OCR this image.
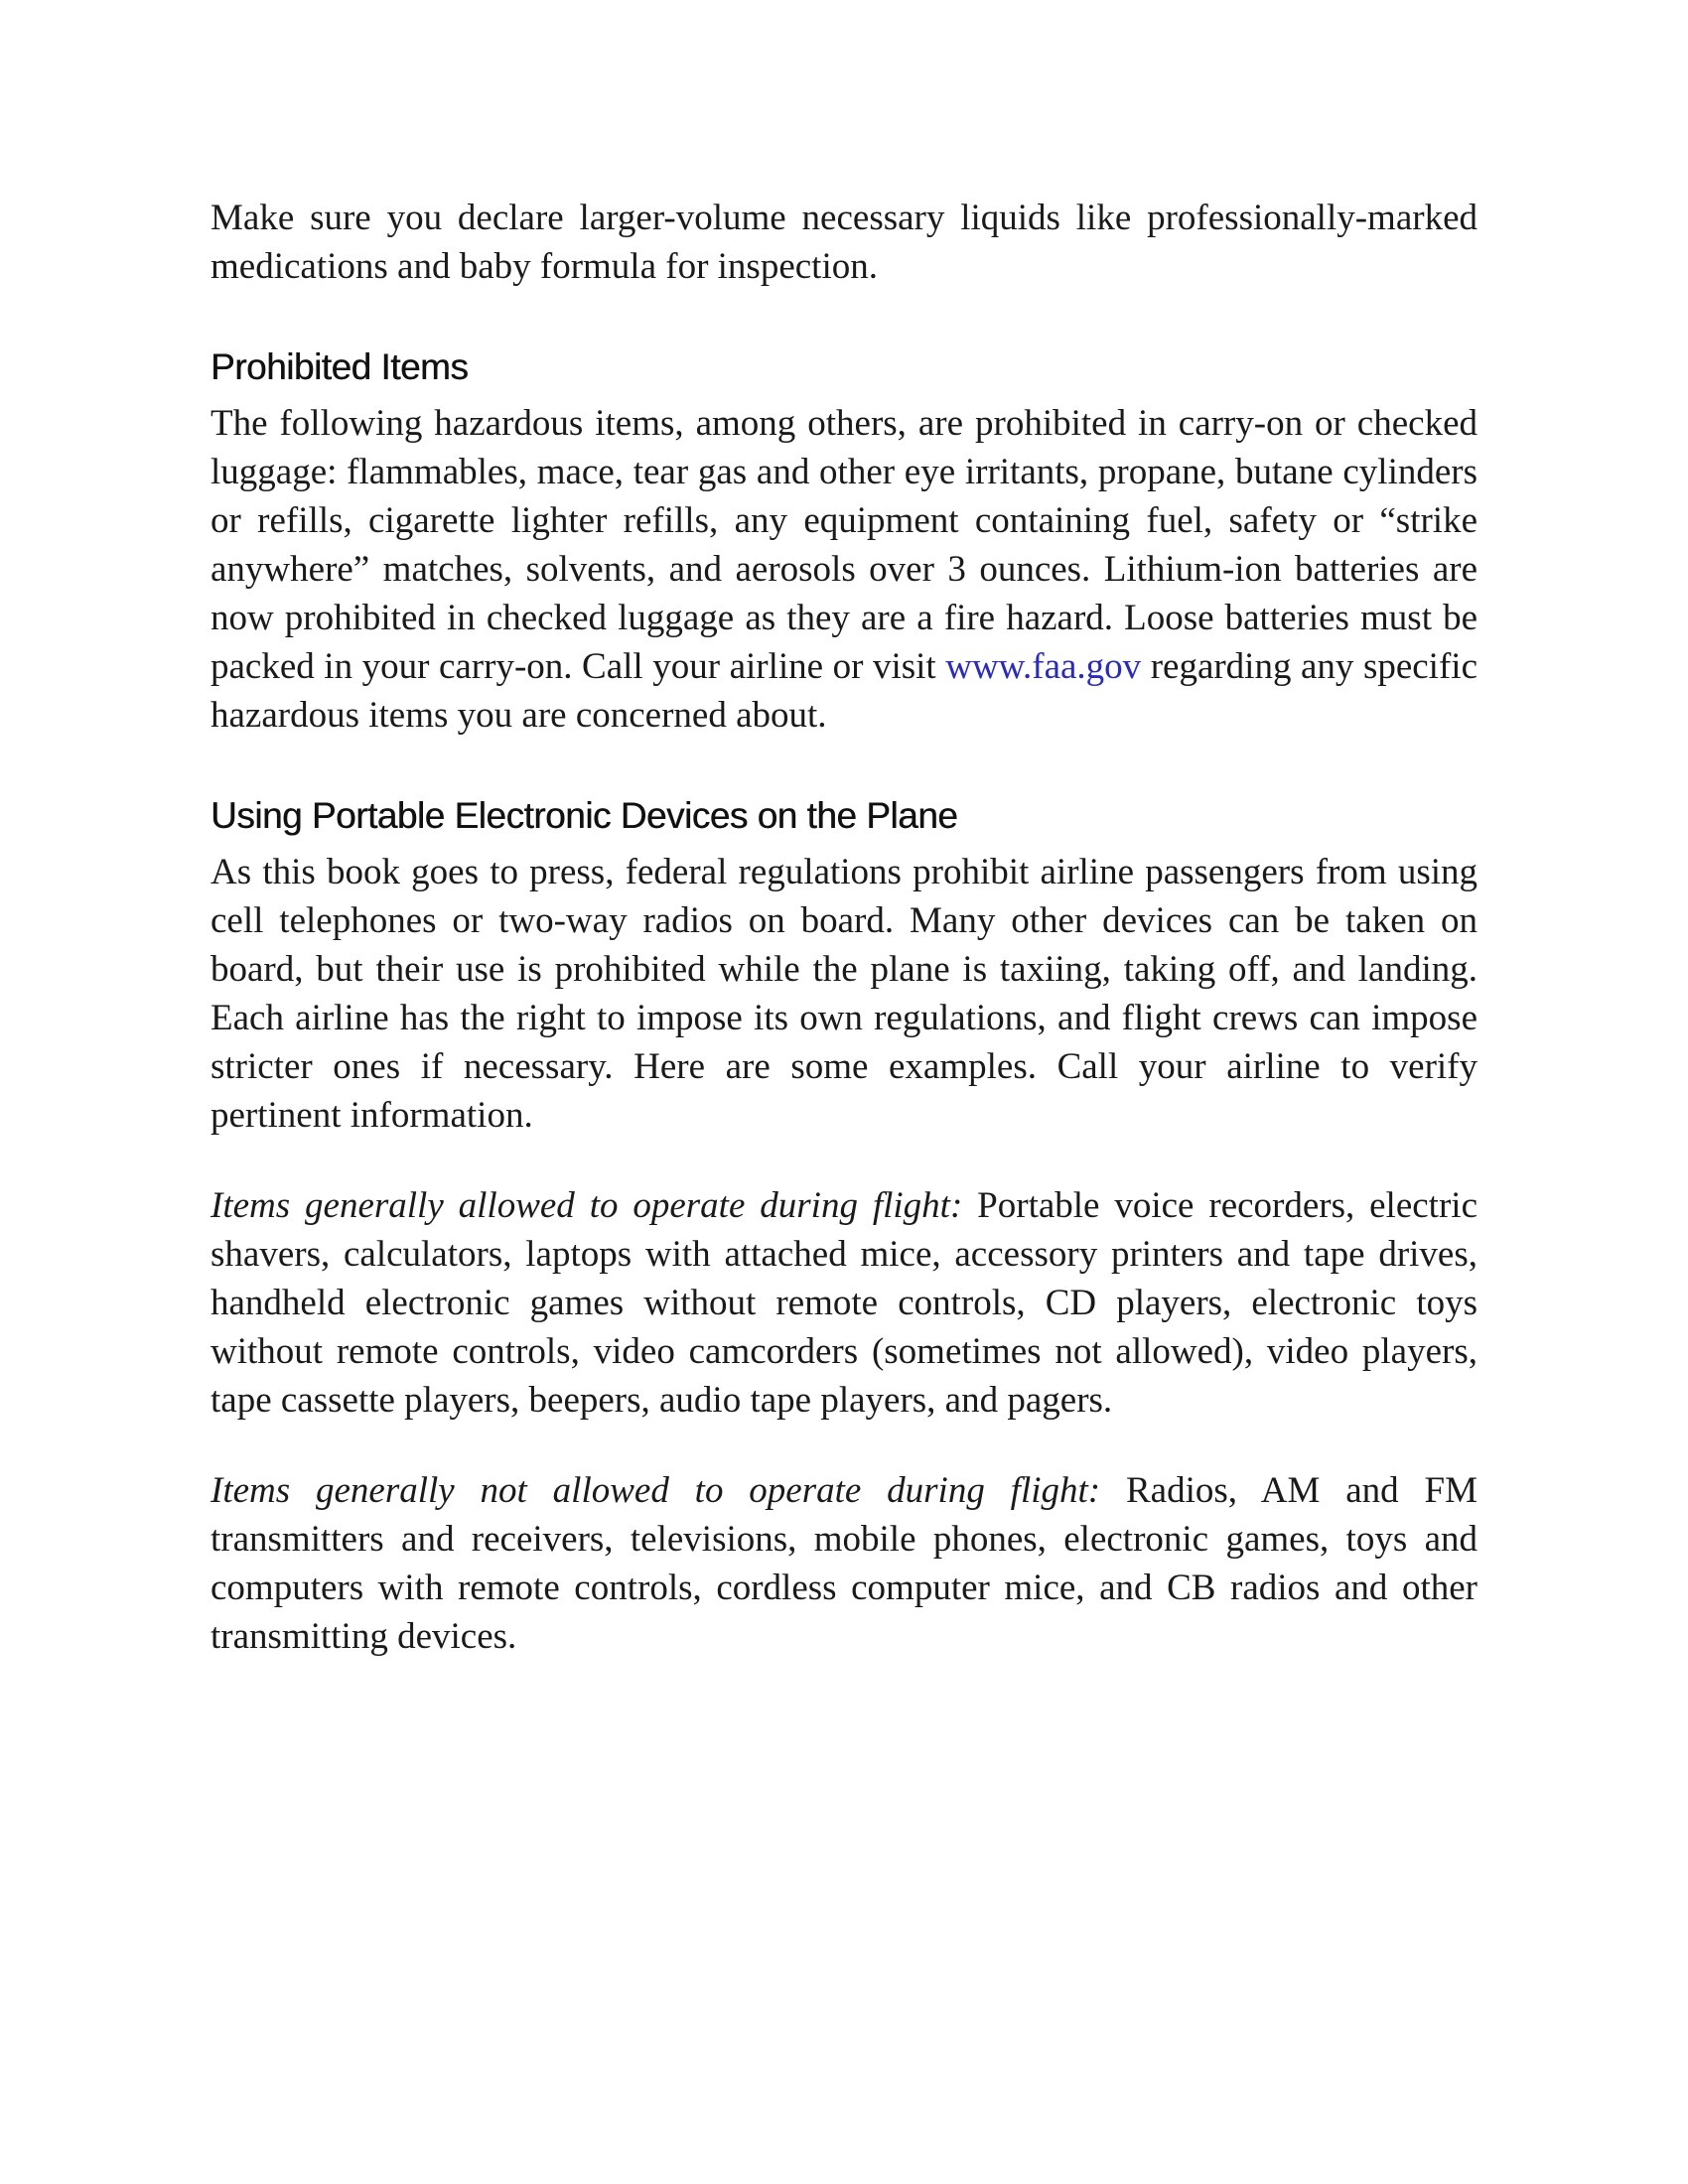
Make sure you declare larger-volume necessary liquids like professionally-marked medications and baby formula for inspection.

Prohibited Items

The following hazardous items, among others, are prohibited in carry-on or checked luggage: flammables, mace, tear gas and other eye irritants, propane, butane cylinders or refills, cigarette lighter refills, any equipment containing fuel, safety or “strike anywhere” matches, solvents, and aerosols over 3 ounces. Lithium-ion batteries are now prohibited in checked luggage as they are a fire hazard. Loose batteries must be packed in your carry-on. Call your airline or visit www.faa.gov regarding any specific hazardous items you are concerned about.

Using Portable Electronic Devices on the Plane

As this book goes to press, federal regulations prohibit airline passengers from using cell telephones or two-way radios on board. Many other devices can be taken on board, but their use is prohibited while the plane is taxiing, taking off, and landing. Each airline has the right to impose its own regulations, and flight crews can impose stricter ones if necessary. Here are some examples. Call your airline to verify pertinent information.

Items generally allowed to operate during flight: Portable voice recorders, electric shavers, calculators, laptops with attached mice, accessory printers and tape drives, handheld electronic games without remote controls, CD players, electronic toys without remote controls, video camcorders (sometimes not allowed), video players, tape cassette players, beepers, audio tape players, and pagers.

Items generally not allowed to operate during flight: Radios, AM and FM transmitters and receivers, televisions, mobile phones, electronic games, toys and computers with remote controls, cordless computer mice, and CB radios and other transmitting devices.
